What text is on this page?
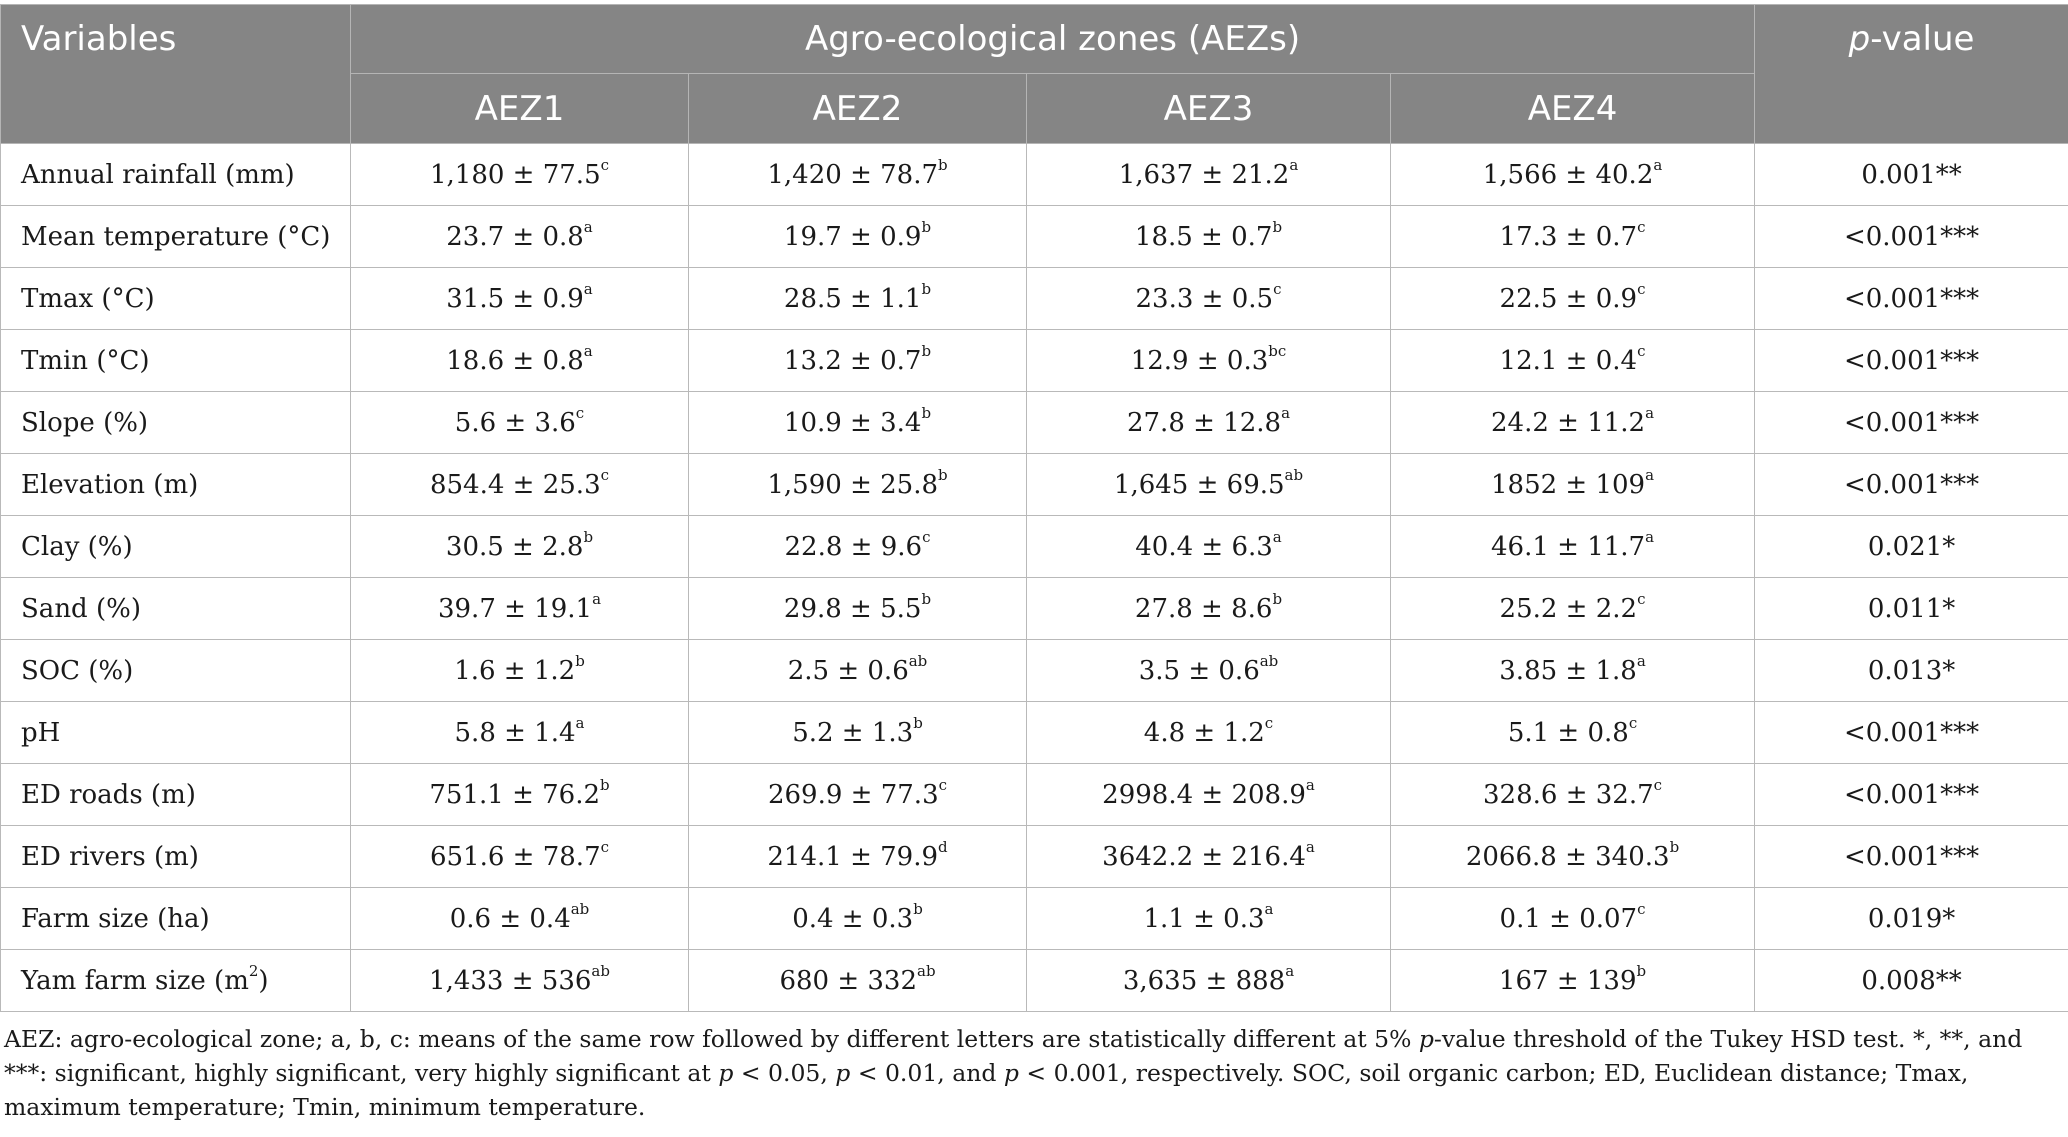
Variables	Agro-ecological zones (AEZs)				p-value
	AEZ1	AEZ2	AEZ3	AEZ4	
Annual rainfall (mm)	1,180 ± 77.5$^c$	1,420 ± 78.7$^b$	1,637 ± 21.2$^a$	1,566 ± 40.2$^a$	0.001**
Mean temperature (°C)	23.7 ± 0.8$^a$	19.7 ± 0.9$^b$	18.5 ± 0.7$^b$	17.3 ± 0.7$^c$	<0.001***
Tmax (°C)	31.5 ± 0.9$^a$	28.5 ± 1.1$^b$	23.3 ± 0.5$^c$	22.5 ± 0.9$^c$	<0.001***
Tmin (°C)	18.6 ± 0.8$^a$	13.2 ± 0.7$^b$	12.9 ± 0.3$^{bc}$	12.1 ± 0.4$^c$	<0.001***
Slope (%)	5.6 ± 3.6$^c$	10.9 ± 3.4$^b$	27.8 ± 12.8$^a$	24.2 ± 11.2$^a$	<0.001***
Elevation (m)	854.4 ± 25.3$^c$	1,590 ± 25.8$^b$	1,645 ± 69.5$^{ab}$	$1852 \pm 109^a$	<0.001***
Clay (%)	30.5 ± 2.8$^b$	22.8 ± 9.6$^c$	40.4 ± 6.3$^a$	46.1 ± 11.7$^a$	0.021*
Sand (%)	39.7 ± 19.1$^a$	29.8 ± 5.5$^b$	27.8 ± 8.6$^b$	25.2 ± 2.2$^c$	0.011*
SOC (%)	1.6 ± 1.2$^b$	2.5 ± 0.6$^{ab}$	3.5 ± 0.6$^{ab}$	3.85 ± 1.8$^a$	0.013*
pH	5.8 ± 1.4$^a$	5.2 ± 1.3$^b$	4.8 ± 1.2$^c$	5.1 ± 0.8$^c$	<0.001***
ED roads (m)	751.1 ± 76.2$^b$	269.9 ± 77.3$^c$	2998.4 ± 208.9$^a$	328.6 ± 32.7$^c$	<0.001***
ED rivers (m)	651.6 ± 78.7$^c$	214.1 ± 79.9$^d$	3642.2 ± 216.4$^a$	2066.8 ± 340.3$^b$	<0.001***
Farm size (ha)	0.6 ± 0.4$^{ab}$	0.4 ± 0.3$^b$	1.1 ± 0.3$^a$	0.1 ± 0.07$^c$	0.019*
Yam farm size $(m^2)$	$1,433 \pm 536^{ab}$	$680 \pm 332^{ab}$	$3,635 \pm 888^a$	$167 \pm 139^b$	0.008**
AEZ: agro-ecological zone; a, b, c: means of the same row followed by different letters are statistically different at 5% p-value threshold of the Tukey HSD test. *, **, and ***: significant, highly significant, very highly significant at p < 0.05, p < 0.01, and p < 0.001, respectively. SOC, soil organic carbon; ED, Euclidean distance; Tmax, maximum temperature; Tmin, minimum temperature.
